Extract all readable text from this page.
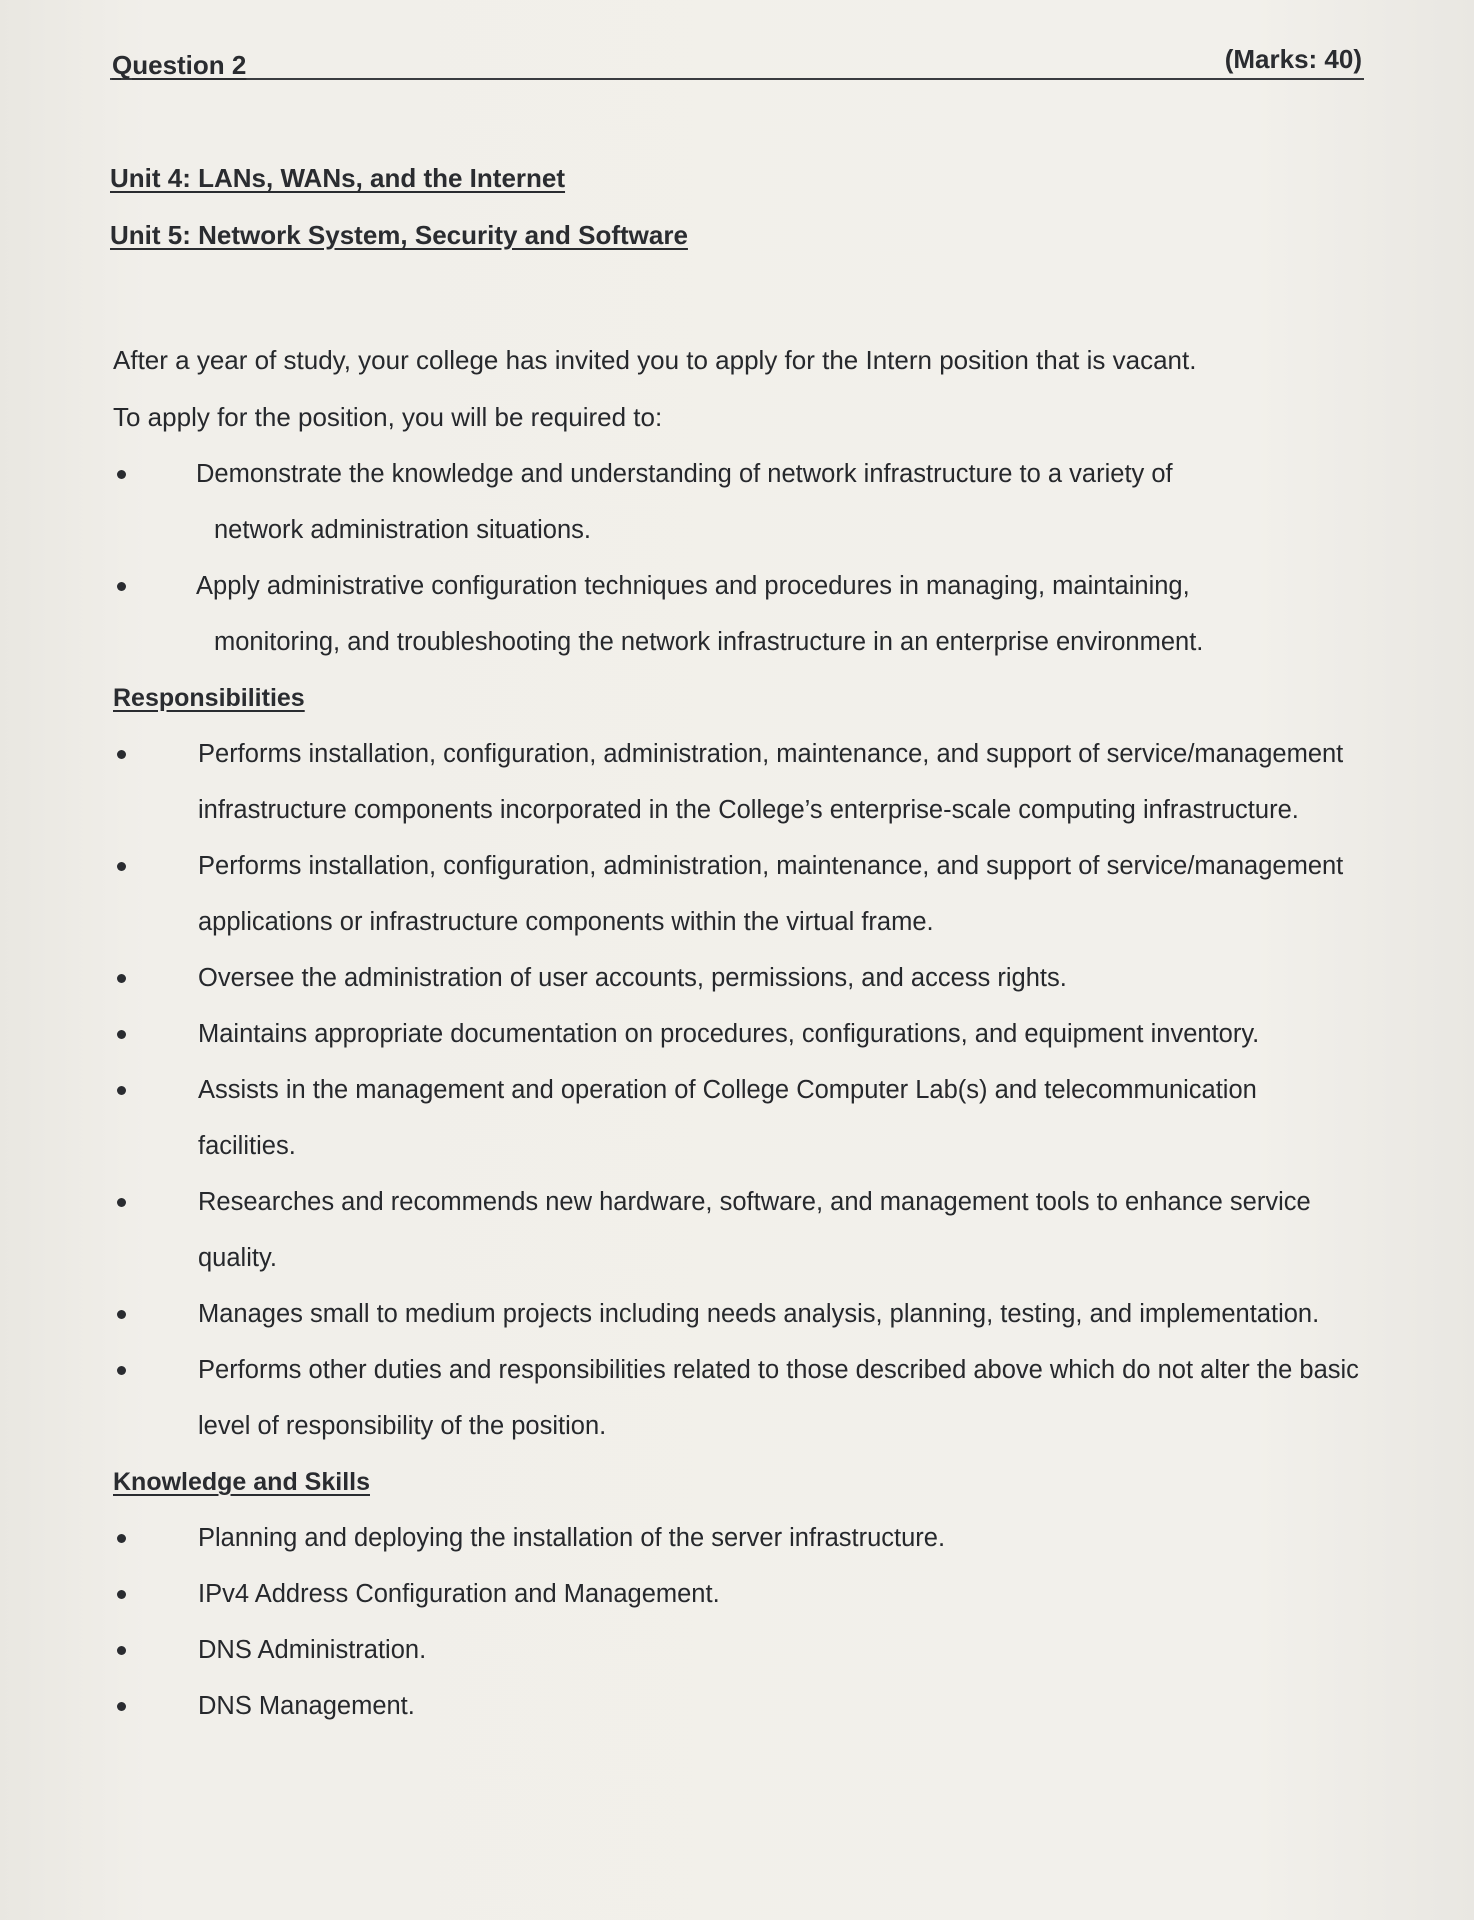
Question 2	(Marks: 40)
Unit 4: LANs, WANs, and the Internet
Unit 5: Network System, Security and Software
After a year of study, your college has invited you to apply for the Intern position that is vacant.
To apply for the position, you will be required to:
Demonstrate the knowledge and understanding of network infrastructure to a variety of
network administration situations.
Apply administrative configuration techniques and procedures in managing, maintaining,
monitoring, and troubleshooting the network infrastructure in an enterprise environment.
Responsibilities
Performs installation, configuration, administration, maintenance, and support of service/management infrastructure components incorporated in the College’s enterprise-scale computing infrastructure.
Performs installation, configuration, administration, maintenance, and support of service/management applications or infrastructure components within the virtual frame.
Oversee the administration of user accounts, permissions, and access rights.
Maintains appropriate documentation on procedures, configurations, and equipment inventory.
Assists in the management and operation of College Computer Lab(s) and telecommunication facilities.
Researches and recommends new hardware, software, and management tools to enhance service quality.
Manages small to medium projects including needs analysis, planning, testing, and implementation.
Performs other duties and responsibilities related to those described above which do not alter the basic level of responsibility of the position.
Knowledge and Skills
Planning and deploying the installation of the server infrastructure.
IPv4 Address Configuration and Management.
DNS Administration.
DNS Management.
